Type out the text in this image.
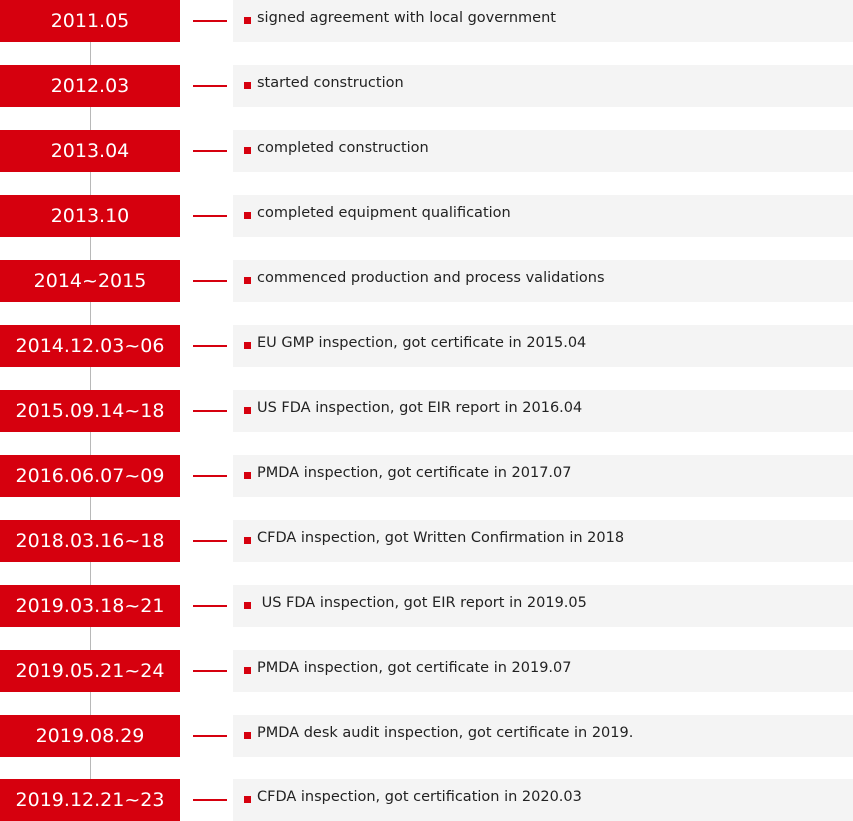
2011.05	signed agreement with local government
2012.03	started construction
2013.04	completed construction
2013.10	completed equipment qualification
2014~2015	commenced production and process validations
2014.12.03~06	EU GMP inspection, got certificate in 2015.04
2015.09.14~18	US FDA inspection, got EIR report in 2016.04
2016.06.07~09	PMDA inspection, got certificate in 2017.07
2018.03.16~18	CFDA inspection, got Written Confirmation in 2018
2019.03.18~21	US FDA inspection, got EIR report in 2019.05
2019.05.21~24	PMDA inspection, got certificate in 2019.07
2019.08.29	PMDA desk audit inspection, got certificate in 2019.
2019.12.21~23	CFDA inspection, got certification in 2020.03
